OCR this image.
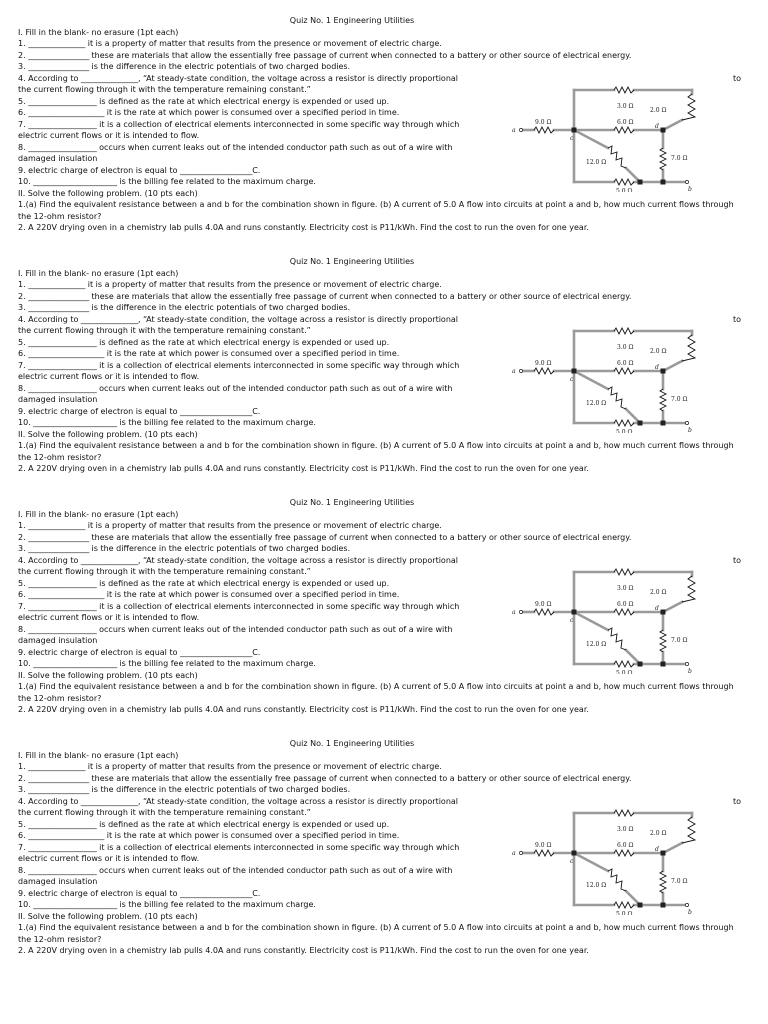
Quiz No. 1 Engineering Utilities
I. Fill in the blank- no erasure (1pt each)
1. _______________ it is a property of matter that results from the presence or movement of electric charge.
2. ________________ these are materials that allow the essentially free passage of current when connected to a battery or other source of electrical energy.
3. ________________ is the difference in the electric potentials of two charged bodies.
4. According to _______________, “At steady-state condition, the voltage across a resistor is directly proportional	to
the current flowing through it with the temperature remaining constant.”
5. __________________ is defined as the rate at which electrical energy is expended or used up.
6. ____________________ it is the rate at which power is consumed over a specified period in time.
7. __________________ it is a collection of electrical elements interconnected in some specific way through which
electric current flows or it is intended to flow.
8. __________________ occurs when current leaks out of the intended conductor path such as out of a wire with
damaged insulation
9. electric charge of electron is equal to ___________________C.
10. ______________________ is the billing fee related to the maximum charge.
II. Solve the following problem. (10 pts each)
1.(a) Find the equivalent resistance between a and b for the combination shown in figure. (b) A current of 5.0 A flow into circuits at point a and b, how much current flows through
the 12-ohm resistor?
2. A 220V drying oven in a chemistry lab pulls 4.0A and runs constantly. Electricity cost is P11/kWh. Find the cost to run the oven for one year.
9.0 Ω
3.0 Ω
2.0 Ω
6.0 Ω
7.0 Ω
12.0 Ω
5.0 Ω
a
c
d
b
Quiz No. 1 Engineering Utilities
I. Fill in the blank- no erasure (1pt each)
1. _______________ it is a property of matter that results from the presence or movement of electric charge.
2. ________________ these are materials that allow the essentially free passage of current when connected to a battery or other source of electrical energy.
3. ________________ is the difference in the electric potentials of two charged bodies.
4. According to _______________, “At steady-state condition, the voltage across a resistor is directly proportional	to
the current flowing through it with the temperature remaining constant.”
5. __________________ is defined as the rate at which electrical energy is expended or used up.
6. ____________________ it is the rate at which power is consumed over a specified period in time.
7. __________________ it is a collection of electrical elements interconnected in some specific way through which
electric current flows or it is intended to flow.
8. __________________ occurs when current leaks out of the intended conductor path such as out of a wire with
damaged insulation
9. electric charge of electron is equal to ___________________C.
10. ______________________ is the billing fee related to the maximum charge.
II. Solve the following problem. (10 pts each)
1.(a) Find the equivalent resistance between a and b for the combination shown in figure. (b) A current of 5.0 A flow into circuits at point a and b, how much current flows through
the 12-ohm resistor?
2. A 220V drying oven in a chemistry lab pulls 4.0A and runs constantly. Electricity cost is P11/kWh. Find the cost to run the oven for one year.
9.0 Ω
3.0 Ω
2.0 Ω
6.0 Ω
7.0 Ω
12.0 Ω
5.0 Ω
a
c
d
b
Quiz No. 1 Engineering Utilities
I. Fill in the blank- no erasure (1pt each)
1. _______________ it is a property of matter that results from the presence or movement of electric charge.
2. ________________ these are materials that allow the essentially free passage of current when connected to a battery or other source of electrical energy.
3. ________________ is the difference in the electric potentials of two charged bodies.
4. According to _______________, “At steady-state condition, the voltage across a resistor is directly proportional	to
the current flowing through it with the temperature remaining constant.”
5. __________________ is defined as the rate at which electrical energy is expended or used up.
6. ____________________ it is the rate at which power is consumed over a specified period in time.
7. __________________ it is a collection of electrical elements interconnected in some specific way through which
electric current flows or it is intended to flow.
8. __________________ occurs when current leaks out of the intended conductor path such as out of a wire with
damaged insulation
9. electric charge of electron is equal to ___________________C.
10. ______________________ is the billing fee related to the maximum charge.
II. Solve the following problem. (10 pts each)
1.(a) Find the equivalent resistance between a and b for the combination shown in figure. (b) A current of 5.0 A flow into circuits at point a and b, how much current flows through
the 12-ohm resistor?
2. A 220V drying oven in a chemistry lab pulls 4.0A and runs constantly. Electricity cost is P11/kWh. Find the cost to run the oven for one year.
9.0 Ω
3.0 Ω
2.0 Ω
6.0 Ω
7.0 Ω
12.0 Ω
5.0 Ω
a
c
d
b
Quiz No. 1 Engineering Utilities
I. Fill in the blank- no erasure (1pt each)
1. _______________ it is a property of matter that results from the presence or movement of electric charge.
2. ________________ these are materials that allow the essentially free passage of current when connected to a battery or other source of electrical energy.
3. ________________ is the difference in the electric potentials of two charged bodies.
4. According to _______________, “At steady-state condition, the voltage across a resistor is directly proportional	to
the current flowing through it with the temperature remaining constant.”
5. __________________ is defined as the rate at which electrical energy is expended or used up.
6. ____________________ it is the rate at which power is consumed over a specified period in time.
7. __________________ it is a collection of electrical elements interconnected in some specific way through which
electric current flows or it is intended to flow.
8. __________________ occurs when current leaks out of the intended conductor path such as out of a wire with
damaged insulation
9. electric charge of electron is equal to ___________________C.
10. ______________________ is the billing fee related to the maximum charge.
II. Solve the following problem. (10 pts each)
1.(a) Find the equivalent resistance between a and b for the combination shown in figure. (b) A current of 5.0 A flow into circuits at point a and b, how much current flows through
the 12-ohm resistor?
2. A 220V drying oven in a chemistry lab pulls 4.0A and runs constantly. Electricity cost is P11/kWh. Find the cost to run the oven for one year.
9.0 Ω
3.0 Ω
2.0 Ω
6.0 Ω
7.0 Ω
12.0 Ω
5.0 Ω
a
c
d
b
